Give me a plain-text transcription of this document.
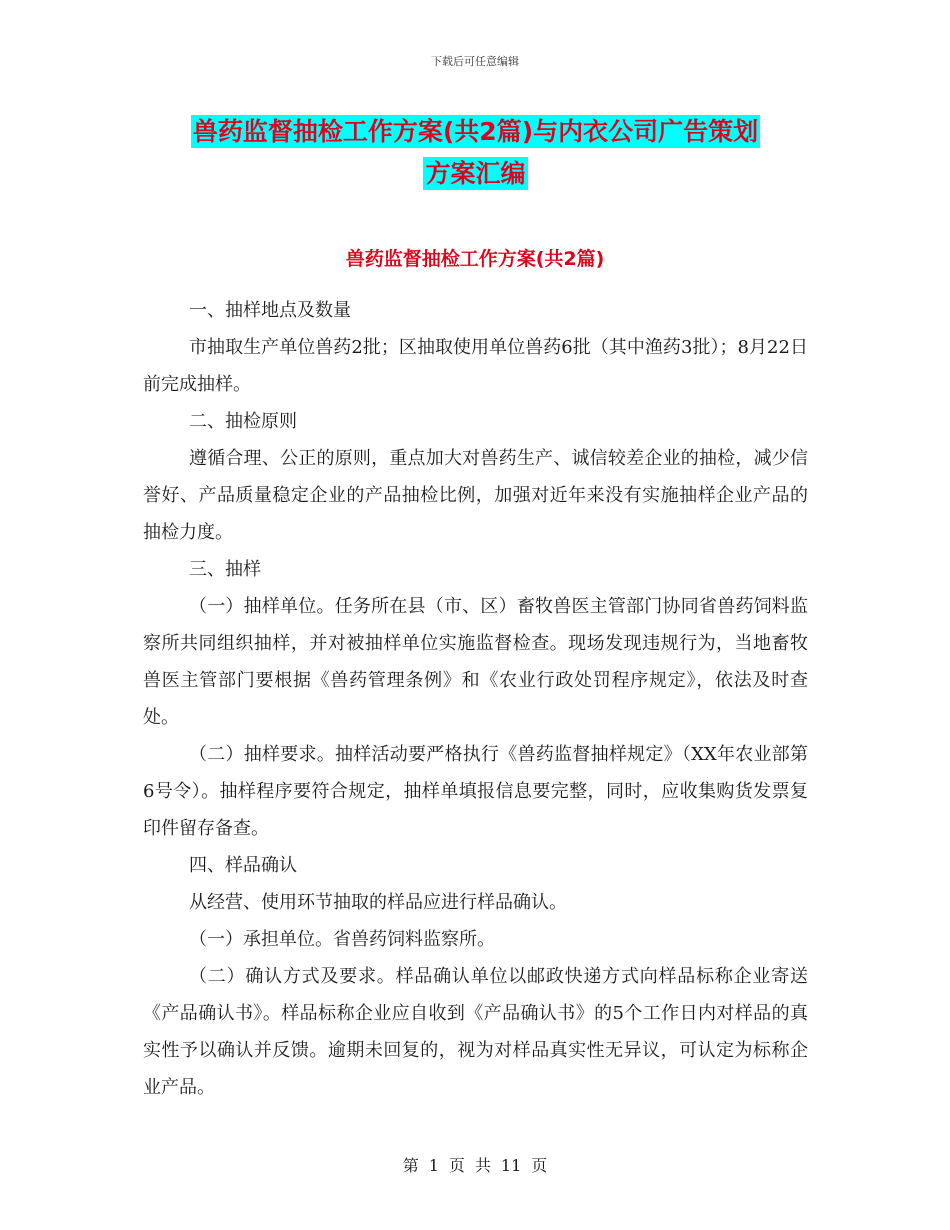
下载后可任意编辑
兽药监督抽检工作方案(共2篇)与内衣公司广告策划
方案汇编
兽药监督抽检工作方案(共2篇)

一、抽样地点及数量

市抽取生产单位兽药2批；区抽取使用单位兽药6批（其中渔药3批）；8月22日前完成抽样。

二、抽检原则

遵循合理、公正的原则，重点加大对兽药生产、诚信较差企业的抽检，减少信誉好、产品质量稳定企业的产品抽检比例，加强对近年来没有实施抽样企业产品的抽检力度。

三、抽样

（一）抽样单位。任务所在县（市、区）畜牧兽医主管部门协同省兽药饲料监察所共同组织抽样，并对被抽样单位实施监督检查。现场发现违规行为，当地畜牧兽医主管部门要根据《兽药管理条例》和《农业行政处罚程序规定》，依法及时查处。

（二）抽样要求。抽样活动要严格执行《兽药监督抽样规定》（XX年农业部第6号令）。抽样程序要符合规定，抽样单填报信息要完整，同时，应收集购货发票复印件留存备查。

四、样品确认

从经营、使用环节抽取的样品应进行样品确认。

（一）承担单位。省兽药饲料监察所。

（二）确认方式及要求。样品确认单位以邮政快递方式向样品标称企业寄送《产品确认书》。样品标称企业应自收到《产品确认书》的5个工作日内对样品的真实性予以确认并反馈。逾期未回复的，视为对样品真实性无异议，可认定为标称企业产品。

第 1 页 共 11 页
